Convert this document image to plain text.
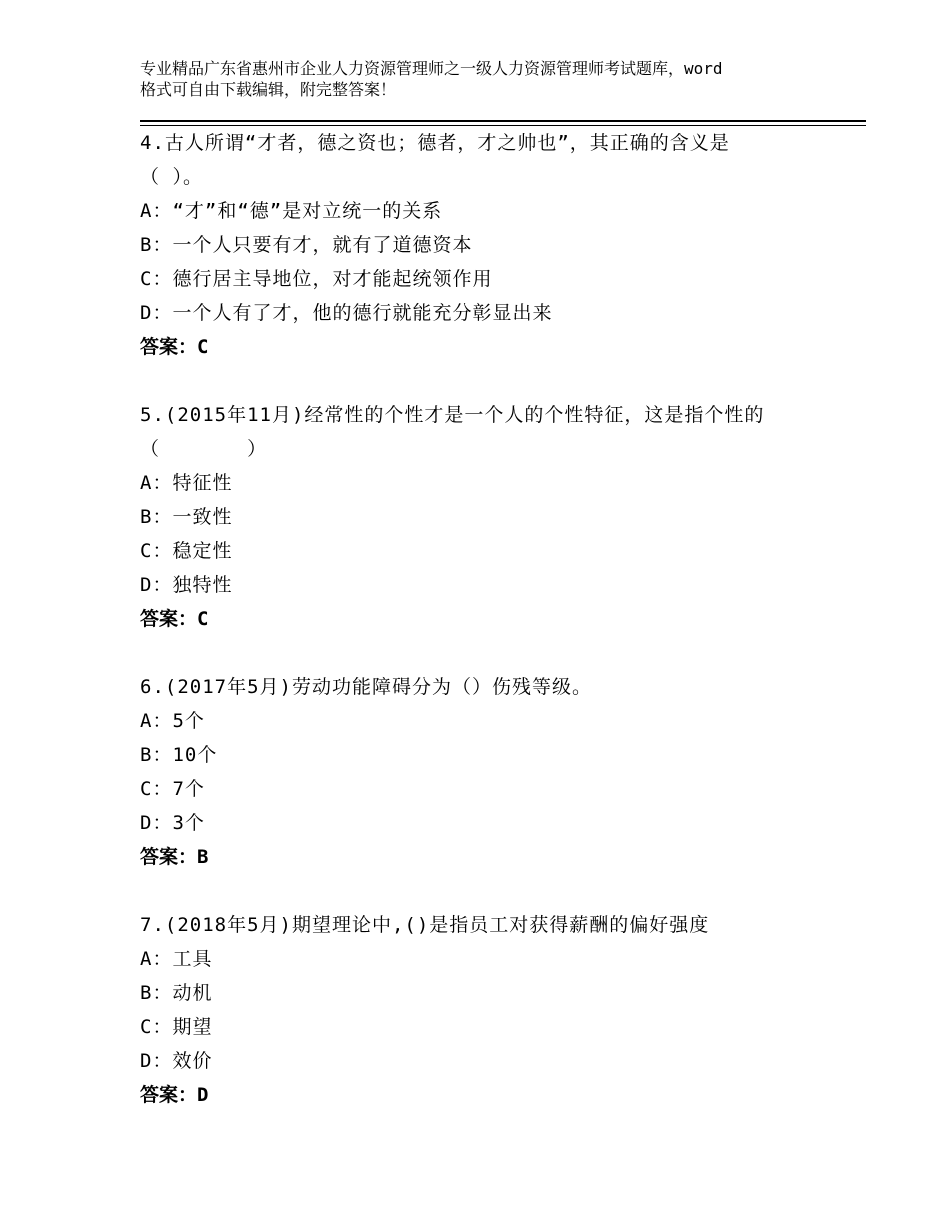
专业精品广东省惠州市企业人力资源管理师之一级人力资源管理师考试题库，word
格式可自由下载编辑，附完整答案！
4.古人所谓“才者，德之资也；德者，才之帅也”，其正确的含义是
（ ）。
A：“才”和“德”是对立统一的关系
B：一个人只要有才，就有了道德资本
C：德行居主导地位，对才能起统领作用
D：一个人有了才，他的德行就能充分彰显出来
答案：C
5.(2015年11月)经常性的个性才是一个人的个性特征，这是指个性的
（       ）
A：特征性
B：一致性
C：稳定性
D：独特性
答案：C
6.(2017年5月)劳动功能障碍分为（）伤残等级。
A：5个
B：10个
C：7个
D：3个
答案：B
7.(2018年5月)期望理论中,()是指员工对获得薪酬的偏好强度
A：工具
B：动机
C：期望
D：效价
答案：D
